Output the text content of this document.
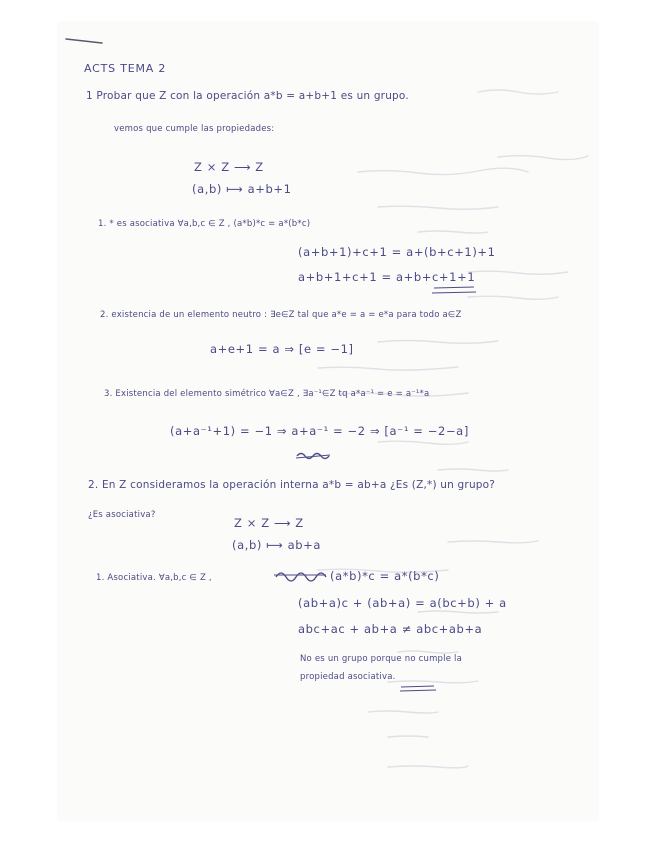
ACTS TEMA 2
1 Probar que Z con la operación a*b = a+b+1 es un grupo.
vemos que cumple las propiedades:
Z × Z ⟶ Z
(a,b) ⟼ a+b+1
1. * es asociativa ∀a,b,c ∈ Z , (a*b)*c = a*(b*c)
(a+b+1)+c+1 = a+(b+c+1)+1
a+b+1+c+1 = a+b+c+1+1
2. existencia de un elemento neutro : ∃e∈Z tal que a*e = a = e*a para todo a∈Z
a+e+1 = a ⇒ [e = −1]
3. Existencia del elemento simétrico ∀a∈Z , ∃a⁻¹∈Z tq a*a⁻¹ = e = a⁻¹*a
(a+a⁻¹+1) = −1 ⇒ a+a⁻¹ = −2 ⇒ [a⁻¹ = −2−a]
2. En Z consideramos la operación interna a*b = ab+a ¿Es (Z,*) un grupo?
¿Es asociativa?
Z × Z ⟶ Z
(a,b) ⟼ ab+a
1. Asociativa. ∀a,b,c ∈ Z ,	(a*b)*c = a*(b*c)
(ab+a)c + (ab+a) = a(bc+b) + a
abc+ac + ab+a ≠ abc+ab+a
No es un grupo porque no cumple la
propiedad asociativa.
